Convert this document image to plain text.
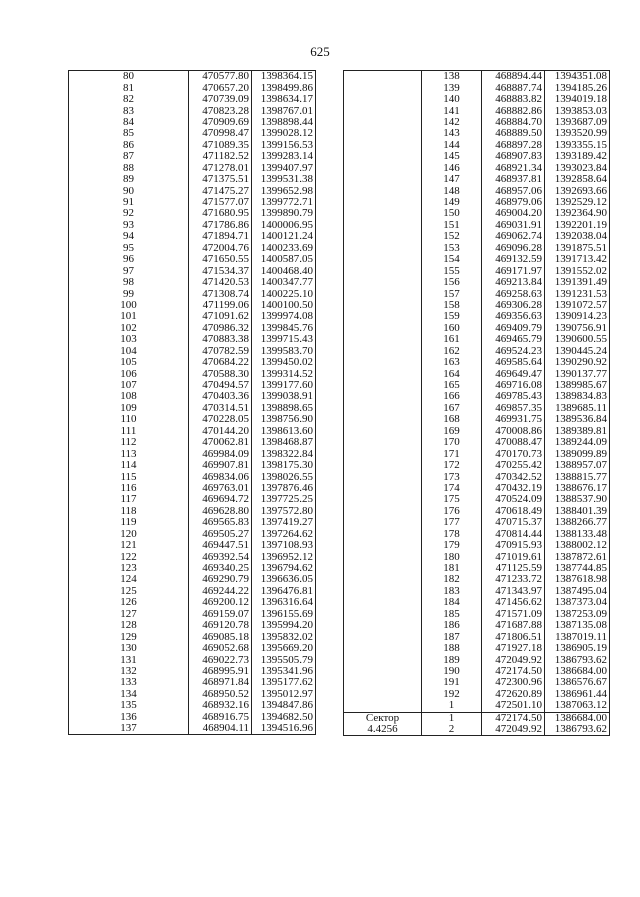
625
80	470577.80	1398364.15
81	470657.20	1398499.86
82	470739.09	1398634.17
83	470823.28	1398767.01
84	470909.69	1398898.44
85	470998.47	1399028.12
86	471089.35	1399156.53
87	471182.52	1399283.14
88	471278.01	1399407.97
89	471375.51	1399531.38
90	471475.27	1399652.98
91	471577.07	1399772.71
92	471680.95	1399890.79
93	471786.86	1400006.95
94	471894.71	1400121.24
95	472004.76	1400233.69
96	471650.55	1400587.05
97	471534.37	1400468.40
98	471420.53	1400347.77
99	471308.74	1400225.10
100	471199.06	1400100.50
101	471091.62	1399974.08
102	470986.32	1399845.76
103	470883.38	1399715.43
104	470782.59	1399583.70
105	470684.22	1399450.02
106	470588.30	1399314.52
107	470494.57	1399177.60
108	470403.36	1399038.91
109	470314.51	1398898.65
110	470228.05	1398756.90
111	470144.20	1398613.60
112	470062.81	1398468.87
113	469984.09	1398322.84
114	469907.81	1398175.30
115	469834.06	1398026.55
116	469763.01	1397876.46
117	469694.72	1397725.25
118	469628.80	1397572.80
119	469565.83	1397419.27
120	469505.27	1397264.62
121	469447.51	1397108.93
122	469392.54	1396952.12
123	469340.25	1396794.62
124	469290.79	1396636.05
125	469244.22	1396476.81
126	469200.12	1396316.64
127	469159.07	1396155.69
128	469120.78	1395994.20
129	469085.18	1395832.02
130	469052.68	1395669.20
131	469022.73	1395505.79
132	468995.91	1395341.96
133	468971.84	1395177.62
134	468950.52	1395012.97
135	468932.16	1394847.86
136	468916.75	1394682.50
137	468904.11	1394516.96
	138	468894.44	1394351.08
	139	468887.74	1394185.26
	140	468883.82	1394019.18
	141	468882.86	1393853.03
	142	468884.70	1393687.09
	143	468889.50	1393520.99
	144	468897.28	1393355.15
	145	468907.83	1393189.42
	146	468921.34	1393023.84
	147	468937.81	1392858.64
	148	468957.06	1392693.66
	149	468979.06	1392529.12
	150	469004.20	1392364.90
	151	469031.91	1392201.19
	152	469062.74	1392038.04
	153	469096.28	1391875.51
	154	469132.59	1391713.42
	155	469171.97	1391552.02
	156	469213.84	1391391.49
	157	469258.63	1391231.53
	158	469306.28	1391072.57
	159	469356.63	1390914.23
	160	469409.79	1390756.91
	161	469465.79	1390600.55
	162	469524.23	1390445.24
	163	469585.64	1390290.92
	164	469649.47	1390137.77
	165	469716.08	1389985.67
	166	469785.43	1389834.83
	167	469857.35	1389685.11
	168	469931.75	1389536.84
	169	470008.86	1389389.81
	170	470088.47	1389244.09
	171	470170.73	1389099.89
	172	470255.42	1388957.07
	173	470342.52	1388815.77
	174	470432.19	1388676.17
	175	470524.09	1388537.90
	176	470618.49	1388401.39
	177	470715.37	1388266.77
	178	470814.44	1388133.48
	179	470915.93	1388002.12
	180	471019.61	1387872.61
	181	471125.59	1387744.85
	182	471233.72	1387618.98
	183	471343.97	1387495.04
	184	471456.62	1387373.04
	185	471571.09	1387253.09
	186	471687.88	1387135.08
	187	471806.51	1387019.11
	188	471927.18	1386905.19
	189	472049.92	1386793.62
	190	472174.50	1386684.00
	191	472300.96	1386576.67
	192	472620.89	1386961.44
	1	472501.10	1387063.12
Сектор	1	472174.50	1386684.00
4.4256	2	472049.92	1386793.62
